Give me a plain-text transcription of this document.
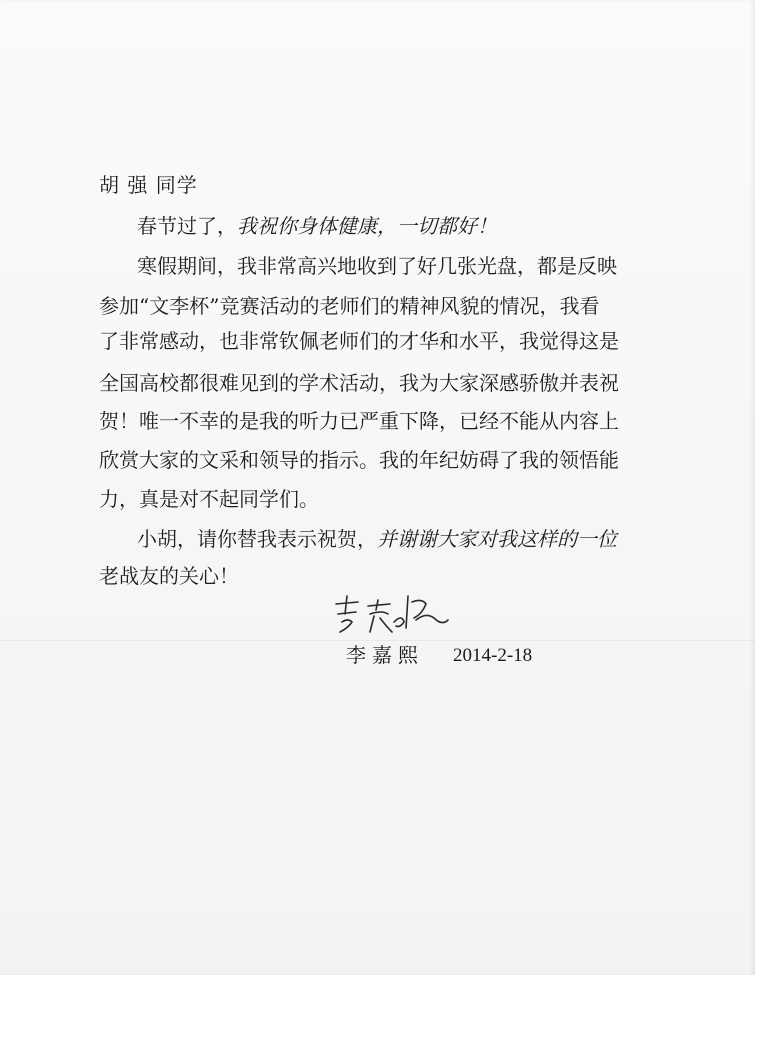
胡 强 同学
春节过了，我祝你身体健康，一切都好！
寒假期间，我非常高兴地收到了好几张光盘，都是反映
参加“文李杯”竞赛活动的老师们的精神风貌的情况，我看
了非常感动，也非常钦佩老师们的才华和水平，我觉得这是
全国高校都很难见到的学术活动，我为大家深感骄傲并表祝
贺！唯一不幸的是我的听力已严重下降，已经不能从内容上
欣赏大家的文采和领导的指示。我的年纪妨碍了我的领悟能
力，真是对不起同学们。
小胡，请你替我表示祝贺，并谢谢大家对我这样的一位
老战友的关心！
李嘉熙 2014-2-18
